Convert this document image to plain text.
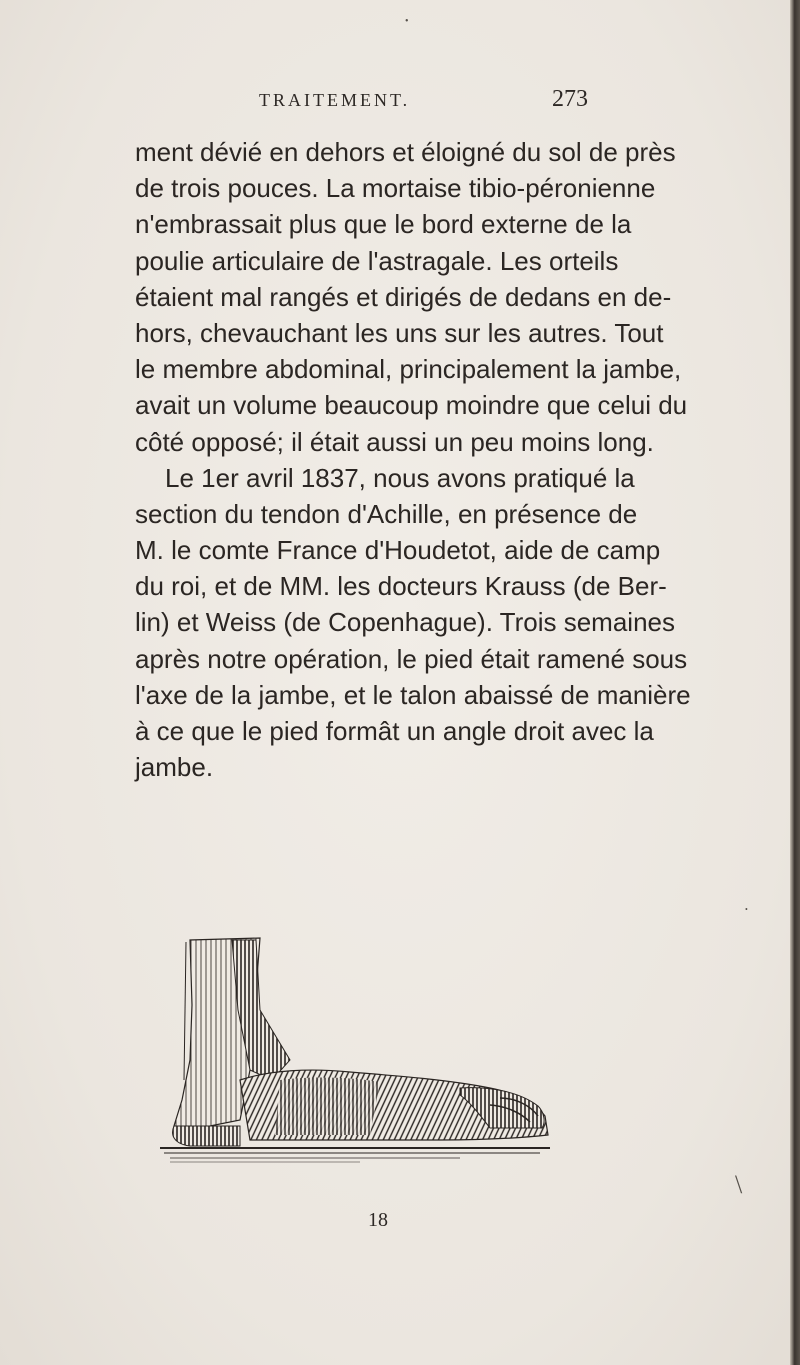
TRAITEMENT.	273
ment dévié en dehors et éloigné du sol de près
de trois pouces. La mortaise tibio-péronienne
n'embrassait plus que le bord externe de la
poulie articulaire de l'astragale. Les orteils
étaient mal rangés et dirigés de dedans en de-
hors, chevauchant les uns sur les autres. Tout
le membre abdominal, principalement la jambe,
avait un volume beaucoup moindre que celui du
côté opposé; il était aussi un peu moins long.
Le 1er avril 1837, nous avons pratiqué la
section du tendon d'Achille, en présence de
M. le comte France d'Houdetot, aide de camp
du roi, et de MM. les docteurs Krauss (de Ber-
lin) et Weiss (de Copenhague). Trois semaines
après notre opération, le pied était ramené sous
l'axe de la jambe, et le talon abaissé de manière
à ce que le pied formât un angle droit avec la
jambe.
18
\
•
•
